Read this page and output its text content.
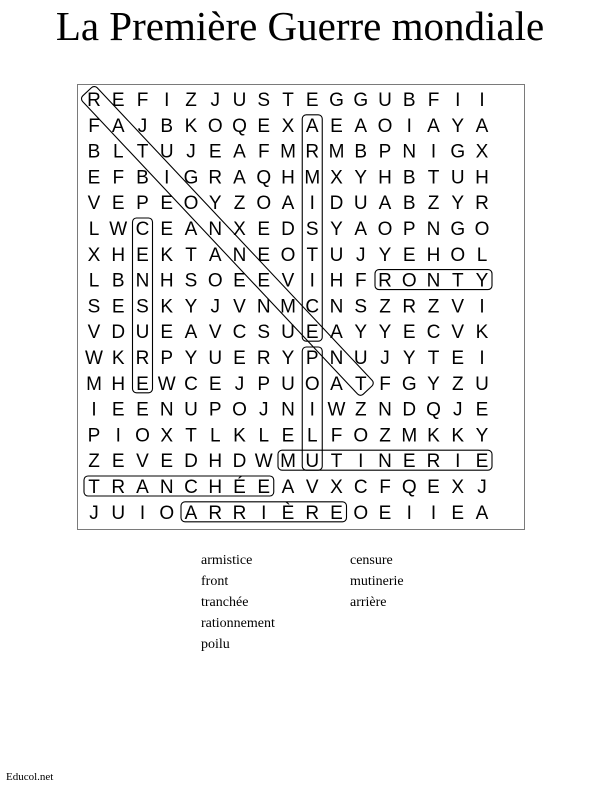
La Première Guerre mondiale
R E F I Z J U S T E G G U B F I I
F A J B K O Q E X A E A O I A Y A
B L T U J E A F M R M B P N I G X
E F B I G R A Q H M X Y H B T U H
V E P E O Y Z O A I D U A B Z Y R
L W C E A N X E D S Y A O P N G O
X H E K T A N E O T U J Y E H O L
L B N H S O E E V I H F R O N T Y
S E S K Y J V N M C N S Z R Z V I
V D U E A V C S U E A Y Y E C V K
W K R P Y U E R Y P N U J Y T E I
M H E W C E J P U O A T F G Y Z U
I E E N U P O J N I W Z N D Q J E
P I O X T L K L E L F O Z M K K Y
Z E V E D H D W M U T I N E R I E
T R A N C H É E A V X C F Q E X J
J U I O A R R I È R E O E I I E A
armistice
front
tranchée
rationnement
poilu
censure
mutinerie
arrière
Educol.net
